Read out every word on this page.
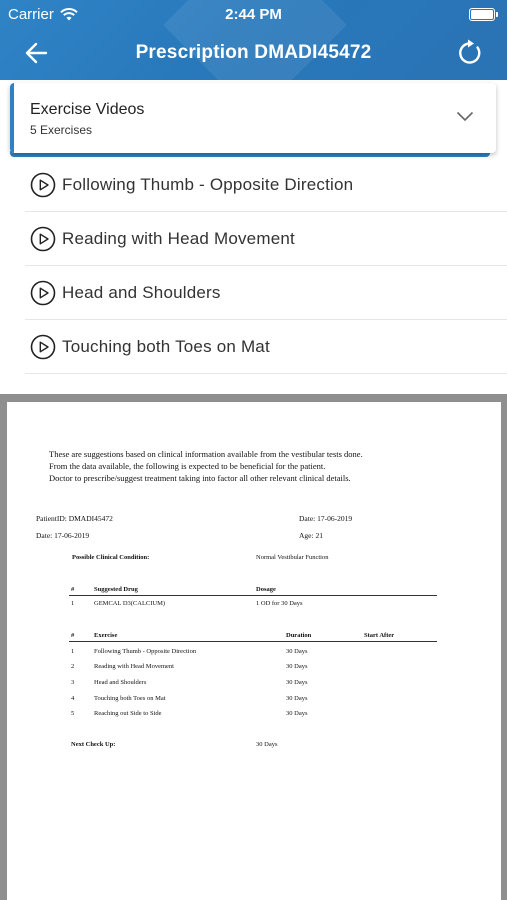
Carrier	2:44 PM
Prescription DMADI45472
Exercise Videos
5 Exercises
Following Thumb - Opposite Direction
Reading with Head Movement
Head and Shoulders
Touching both Toes on Mat
These are suggestions based on clinical information available from the vestibular tests done.
From the data available, the following is expected to be beneficial for the patient.
Doctor to prescribe/suggest treatment taking into factor all other relevant clinical details.
PatientID: DMADI45472	Date: 17-06-2019
Date: 17-06-2019	Age: 21
Possible Clinical Condition:	Normal Vestibular Function
#	Suggested Drug	Dosage
1	GEMCAL D3(CALCIUM)	1 OD for 30 Days
#	Exercise	Duration	Start After
1	Following Thumb - Opposite Direction	30 Days
2	Reading with Head Movement	30 Days
3	Head and Shoulders	30 Days
4	Touching both Toes on Mat	30 Days
5	Reaching out Side to Side	30 Days
Next Check Up:	30 Days
